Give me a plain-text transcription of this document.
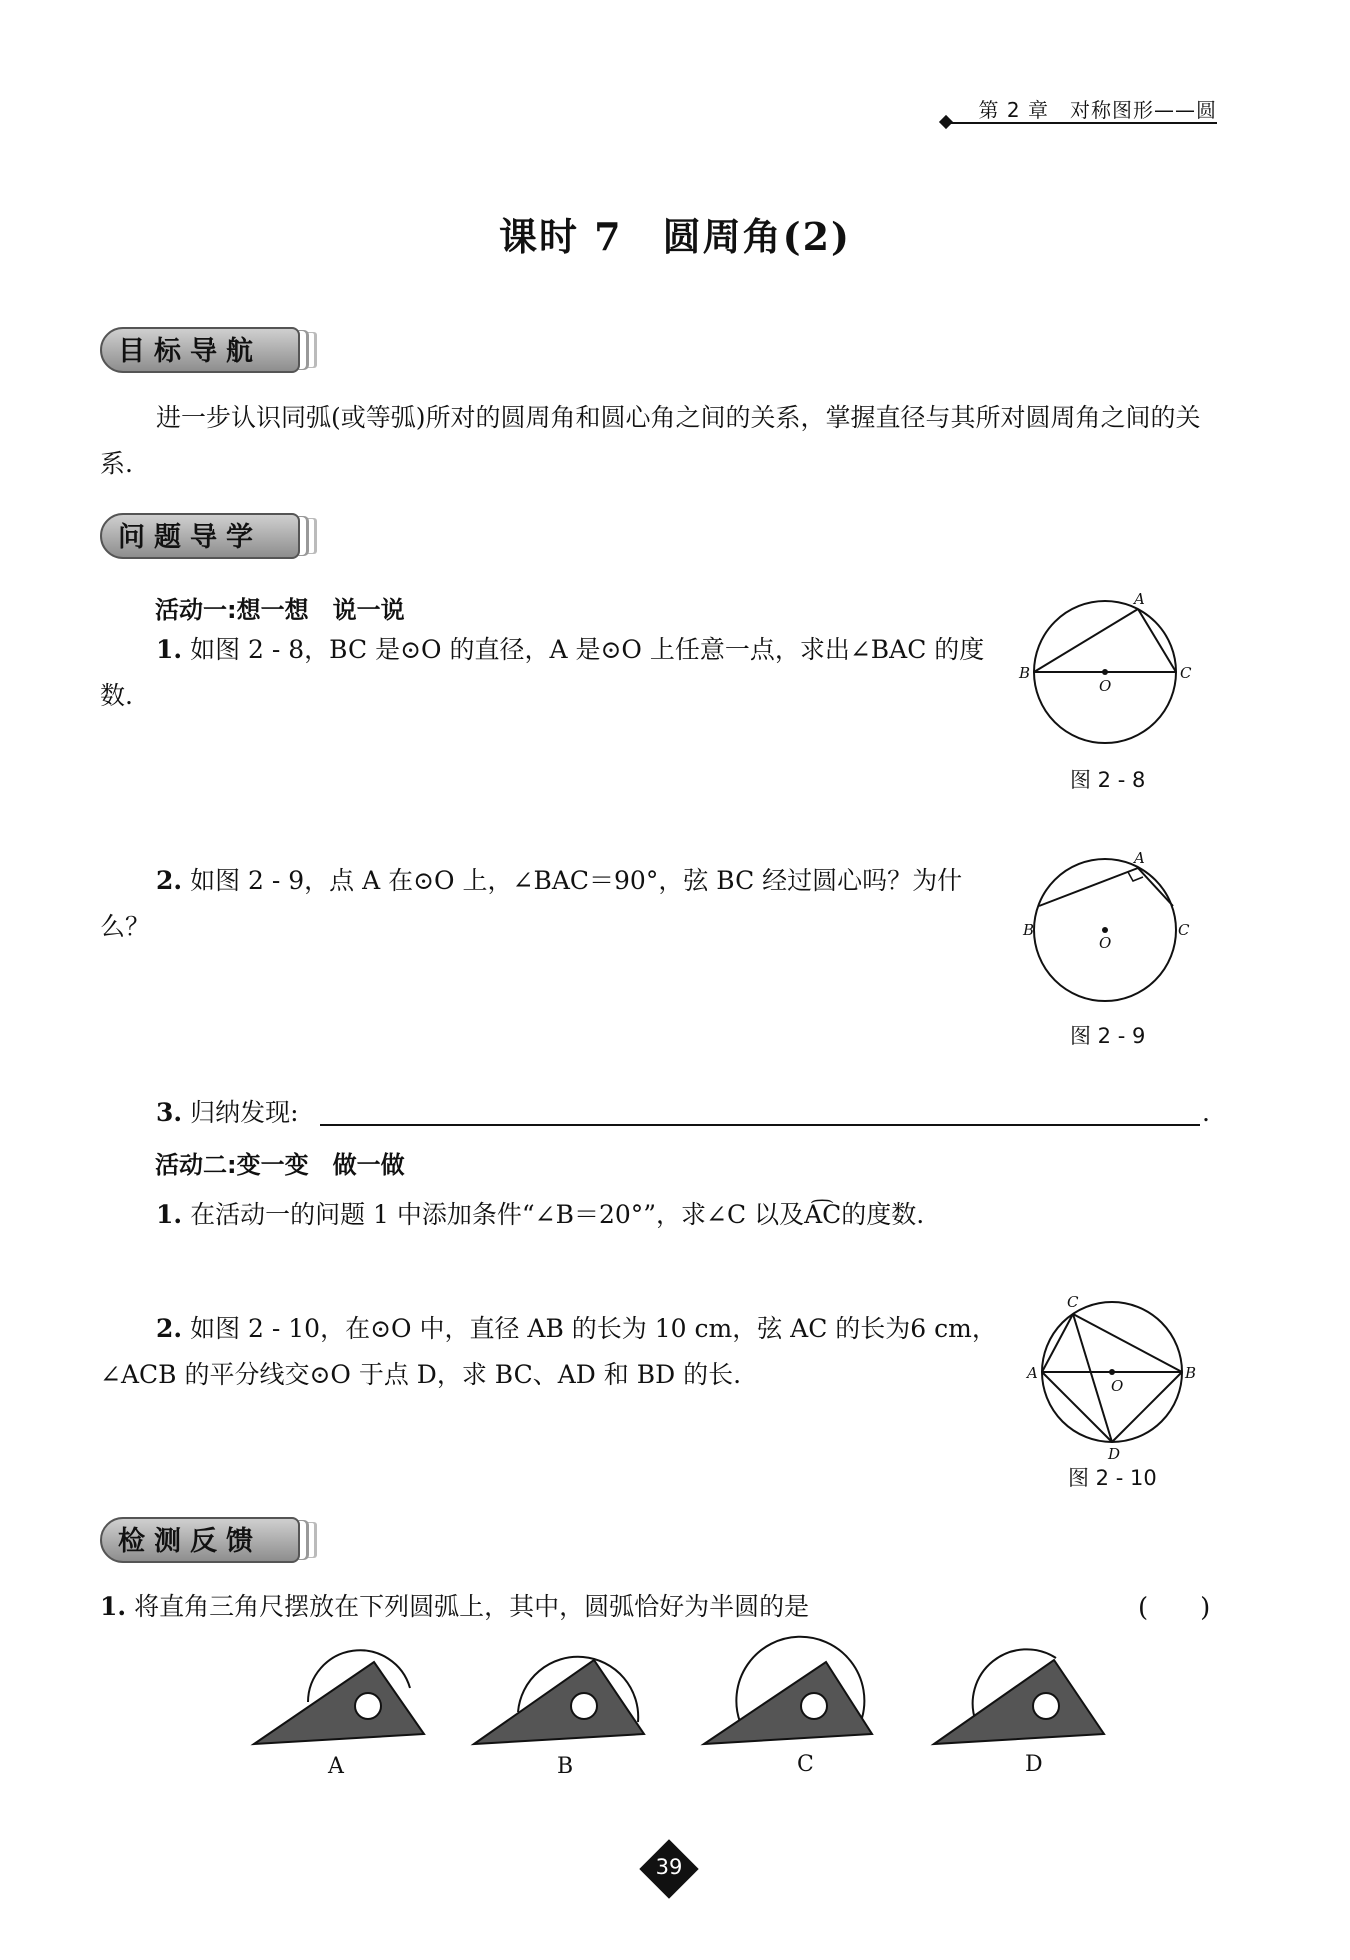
第 2 章　对称图形——圆
课时 7　圆周角(2)
目标导航
进一步认识同弧(或等弧)所对的圆周角和圆心角之间的关系，掌握直径与其所对圆周角之间的关系.
问题导学
活动一:想一想　说一说
1. 如图 2 - 8，BC 是⊙O 的直径，A 是⊙O 上任意一点，求出∠BAC 的度数.
A
B	C
O
图 2 - 8
2. 如图 2 - 9，点 A 在⊙O 上，∠BAC＝90°，弦 BC 经过圆心吗？为什么？
A
B	C
O
图 2 - 9
3. 归纳发现:	.
活动二:变一变　做一做
1. 在活动一的问题 1 中添加条件“∠B＝20°”，求∠C 以及A͡C的度数.
2. 如图 2 - 10，在⊙O 中，直径 AB 的长为 10 cm，弦 AC 的长为6 cm，∠ACB 的平分线交⊙O 于点 D，求 BC、AD 和 BD 的长.
C
A	B
D
O
图 2 - 10
检测反馈
1. 将直角三角尺摆放在下列圆弧上，其中，圆弧恰好为半圆的是	(　　)
A	B	C	D
39
